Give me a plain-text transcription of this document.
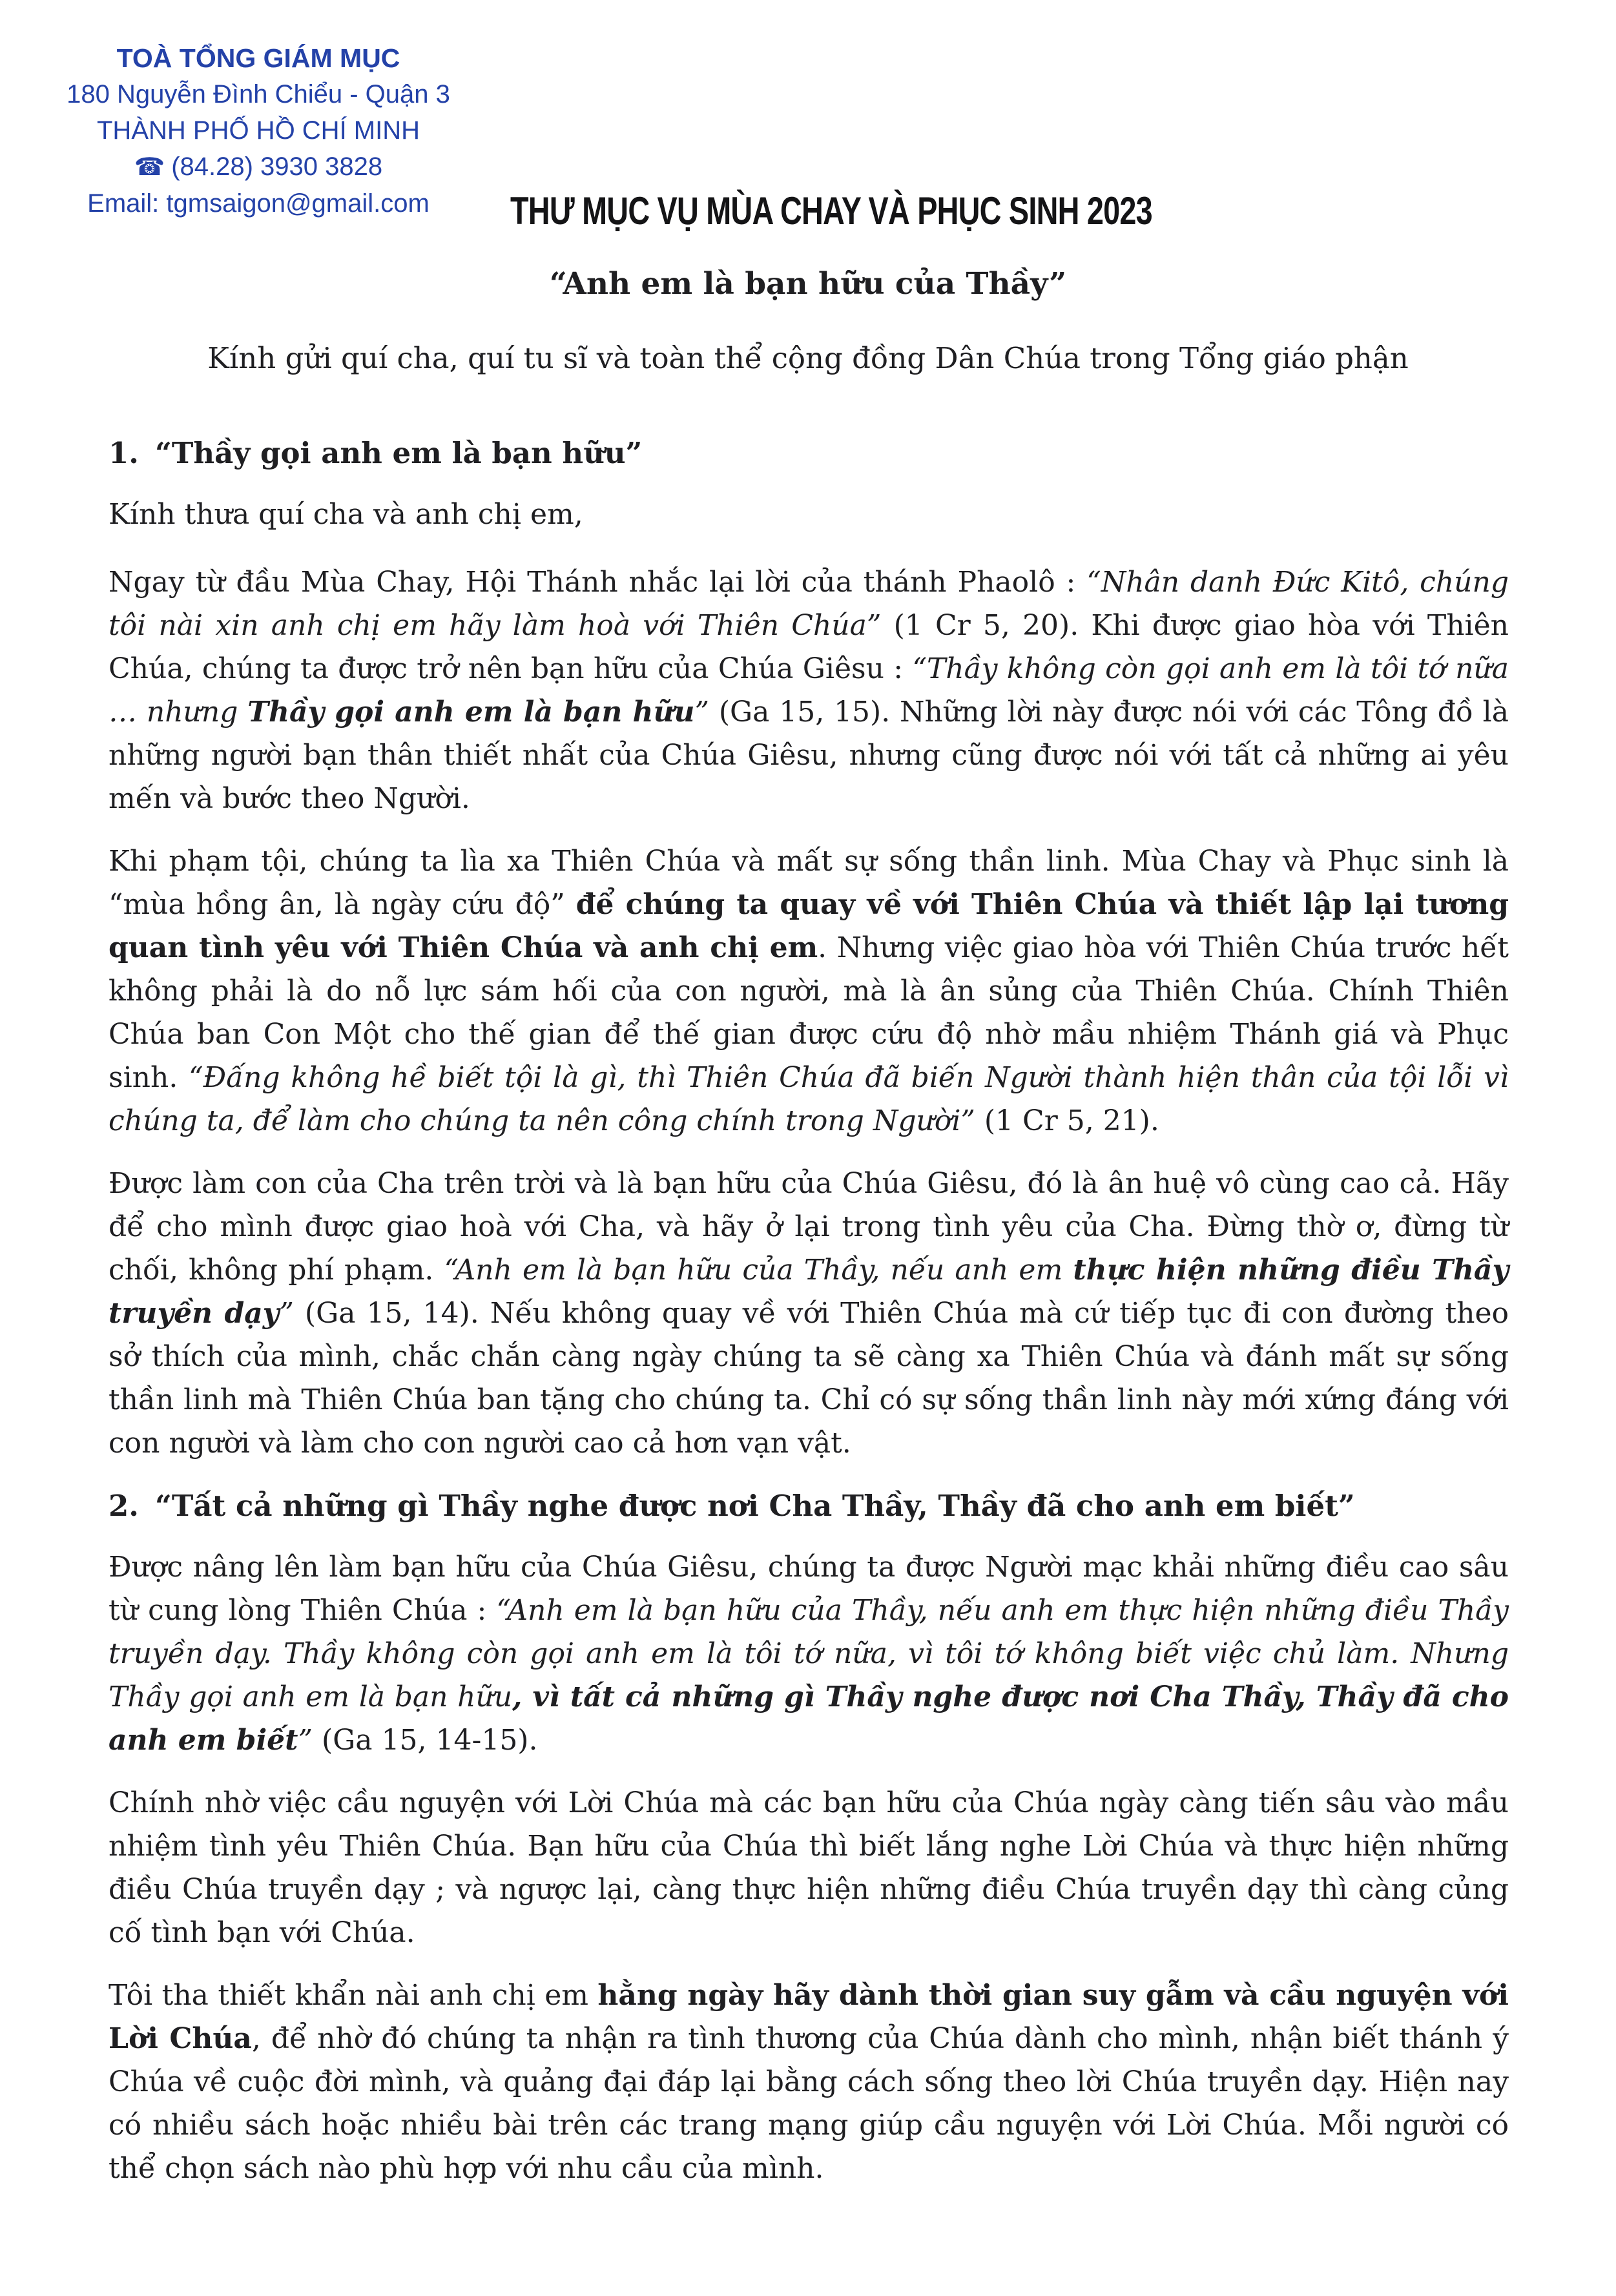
TOÀ TỔNG GIÁM MỤC
180 Nguyễn Đình Chiểu - Quận 3
THÀNH PHỐ HỒ CHÍ MINH
☎ (84.28) 3930 3828
Email: tgmsaigon@gmail.com	THƯ MỤC VỤ MÙA CHAY VÀ PHỤC SINH 2023
“Anh em là bạn hữu của Thầy”
Kính gửi quí cha, quí tu sĩ và toàn thể cộng đồng Dân Chúa trong Tổng giáo phận
1. “Thầy gọi anh em là bạn hữu”

Kính thưa quí cha và anh chị em,

Ngay từ đầu Mùa Chay, Hội Thánh nhắc lại lời của thánh Phaolô : “Nhân danh Đức Kitô, chúng tôi nài xin anh chị em hãy làm hoà với Thiên Chúa” (1 Cr 5, 20). Khi được giao hòa với Thiên Chúa, chúng ta được trở nên bạn hữu của Chúa Giêsu : “Thầy không còn gọi anh em là tôi tớ nữa … nhưng Thầy gọi anh em là bạn hữu” (Ga 15, 15). Những lời này được nói với các Tông đồ là những người bạn thân thiết nhất của Chúa Giêsu, nhưng cũng được nói với tất cả những ai yêu mến và bước theo Người.

Khi phạm tội, chúng ta lìa xa Thiên Chúa và mất sự sống thần linh. Mùa Chay và Phục sinh là “mùa hồng ân, là ngày cứu độ” để chúng ta quay về với Thiên Chúa và thiết lập lại tương quan tình yêu với Thiên Chúa và anh chị em. Nhưng việc giao hòa với Thiên Chúa trước hết không phải là do nỗ lực sám hối của con người, mà là ân sủng của Thiên Chúa. Chính Thiên Chúa ban Con Một cho thế gian để thế gian được cứu độ nhờ mầu nhiệm Thánh giá và Phục sinh. “Đấng không hề biết tội là gì, thì Thiên Chúa đã biến Người thành hiện thân của tội lỗi vì chúng ta, để làm cho chúng ta nên công chính trong Người” (1 Cr 5, 21).

Được làm con của Cha trên trời và là bạn hữu của Chúa Giêsu, đó là ân huệ vô cùng cao cả. Hãy để cho mình được giao hoà với Cha, và hãy ở lại trong tình yêu của Cha. Đừng thờ ơ, đừng từ chối, không phí phạm. “Anh em là bạn hữu của Thầy, nếu anh em thực hiện những điều Thầy truyền dạy” (Ga 15, 14). Nếu không quay về với Thiên Chúa mà cứ tiếp tục đi con đường theo sở thích của mình, chắc chắn càng ngày chúng ta sẽ càng xa Thiên Chúa và đánh mất sự sống thần linh mà Thiên Chúa ban tặng cho chúng ta. Chỉ có sự sống thần linh này mới xứng đáng với con người và làm cho con người cao cả hơn vạn vật.

2. “Tất cả những gì Thầy nghe được nơi Cha Thầy, Thầy đã cho anh em biết”

Được nâng lên làm bạn hữu của Chúa Giêsu, chúng ta được Người mạc khải những điều cao sâu từ cung lòng Thiên Chúa : “Anh em là bạn hữu của Thầy, nếu anh em thực hiện những điều Thầy truyền dạy. Thầy không còn gọi anh em là tôi tớ nữa, vì tôi tớ không biết việc chủ làm. Nhưng Thầy gọi anh em là bạn hữu, vì tất cả những gì Thầy nghe được nơi Cha Thầy, Thầy đã cho anh em biết” (Ga 15, 14-15).

Chính nhờ việc cầu nguyện với Lời Chúa mà các bạn hữu của Chúa ngày càng tiến sâu vào mầu nhiệm tình yêu Thiên Chúa. Bạn hữu của Chúa thì biết lắng nghe Lời Chúa và thực hiện những điều Chúa truyền dạy ; và ngược lại, càng thực hiện những điều Chúa truyền dạy thì càng củng cố tình bạn với Chúa.

Tôi tha thiết khẩn nài anh chị em hằng ngày hãy dành thời gian suy gẫm và cầu nguyện với Lời Chúa, để nhờ đó chúng ta nhận ra tình thương của Chúa dành cho mình, nhận biết thánh ý Chúa về cuộc đời mình, và quảng đại đáp lại bằng cách sống theo lời Chúa truyền dạy. Hiện nay có nhiều sách hoặc nhiều bài trên các trang mạng giúp cầu nguyện với Lời Chúa. Mỗi người có thể chọn sách nào phù hợp với nhu cầu của mình.
